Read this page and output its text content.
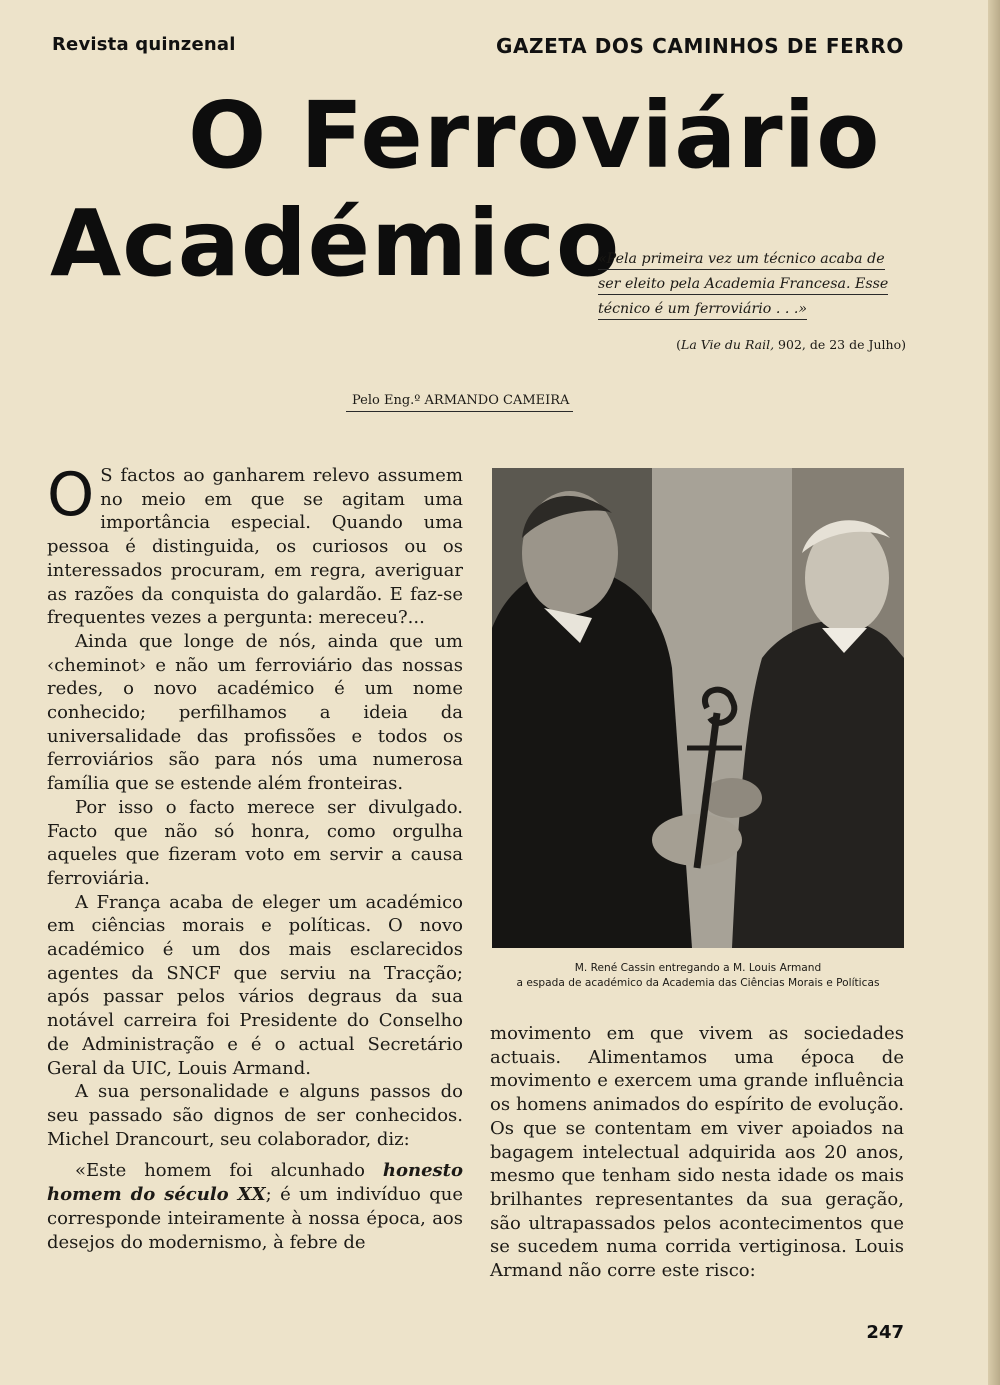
Revista quinzenal	GAZETA DOS CAMINHOS DE FERRO
O Ferroviário
Académico
«Pela primeira vez um técnico acaba de
ser eleito pela Academia Francesa. Esse
técnico é um ferroviário . . .»
(La Vie du Rail, 902, de 23 de Julho)
Pelo Eng.º ARMANDO CAMEIRA

O S factos ao ganharem relevo assumem no meio em que se agitam uma importância especial. Quando uma pessoa é distinguida, os curiosos ou os interessados procuram, em regra, averiguar as razões da conquista do galardão. E faz-se frequentes vezes a pergunta: mereceu?...

Ainda que longe de nós, ainda que um ‹cheminot› e não um ferroviário das nossas redes, o novo académico é um nome conhecido; perfilhamos a ideia da universalidade das profissões e todos os ferroviários são para nós uma numerosa família que se estende além fronteiras.

Por isso o facto merece ser divulgado. Facto que não só honra, como orgulha aqueles que fizeram voto em servir a causa ferroviária.

A França acaba de eleger um académico em ciências morais e políticas. O novo académico é um dos mais esclarecidos agentes da SNCF que serviu na Tracção; após passar pelos vários degraus da sua notável carreira foi Presidente do Conselho de Administração e é o actual Secretário Geral da UIC, Louis Armand.

A sua personalidade e alguns passos do seu passado são dignos de ser conhecidos. Michel Drancourt, seu colaborador, diz:

«Este homem foi alcunhado honesto homem do século XX; é um indivíduo que corresponde inteiramente à nossa época, aos desejos do modernismo, à febre de

M. René Cassin entregando a M. Louis Armand
a espada de académico da Academia das Ciências Morais e Políticas

movimento em que vivem as sociedades actuais. Alimentamos uma época de movimento e exercem uma grande influência os homens animados do espírito de evolução. Os que se contentam em viver apoiados na bagagem intelectual adquirida aos 20 anos, mesmo que tenham sido nesta idade os mais brilhantes representantes da sua geração, são ultrapassados pelos acontecimentos que se sucedem numa corrida vertiginosa. Louis Armand não corre este risco:

247
